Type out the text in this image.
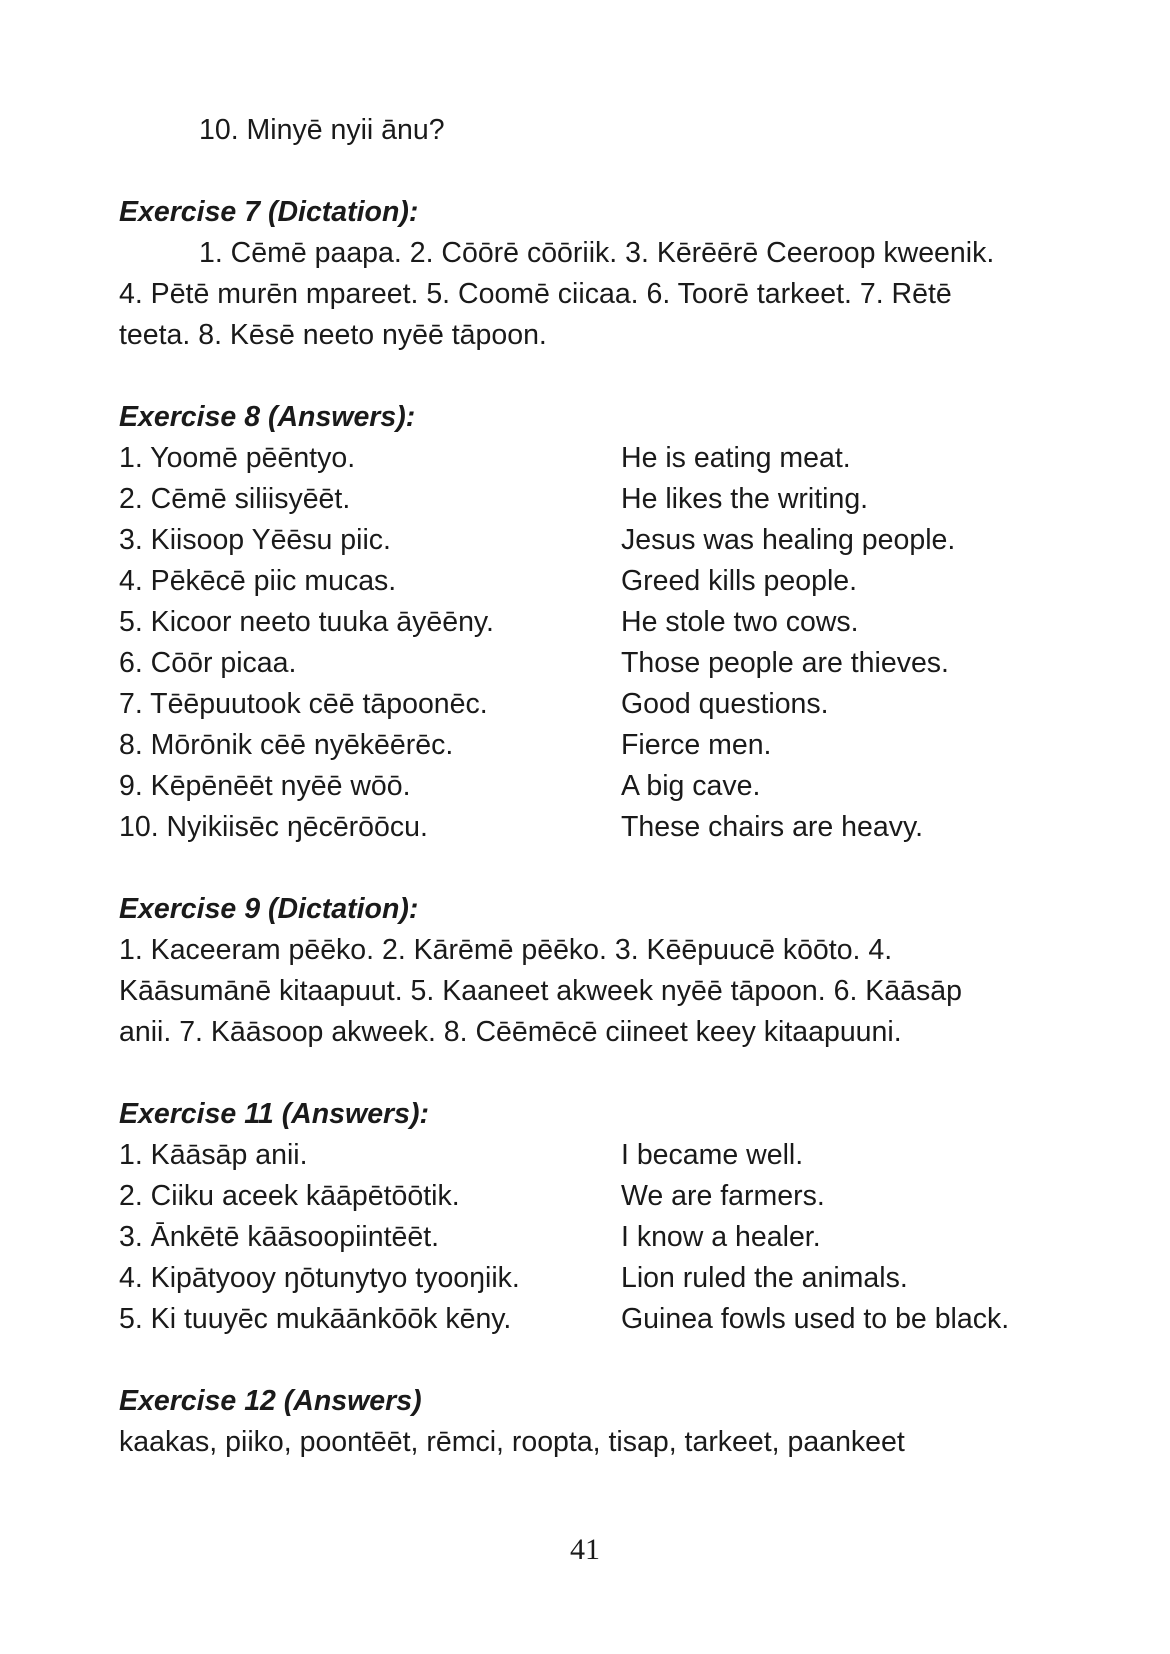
10. Minyē nyii ānu?
Exercise 7 (Dictation):
1. Cēmē paapa. 2. Cōōrē cōōriik. 3. Kērēērē Ceeroop kweenik.
4. Pētē murēn mpareet. 5. Coomē ciicaa. 6. Toorē tarkeet. 7. Rētē
teeta. 8. Kēsē neeto nyēē tāpoon.
Exercise 8 (Answers):
1. Yoomē pēēntyo.	He is eating meat.
2. Cēmē siliisyēēt.	He likes the writing.
3. Kiisoop Yēēsu piic.	Jesus was healing people.
4. Pēkēcē piic mucas.	Greed kills people.
5. Kicoor neeto tuuka āyēēny.	He stole two cows.
6. Cōōr picaa.	Those people are thieves.
7. Tēēpuutook cēē tāpoonēc.	Good questions.
8. Mōrōnik cēē nyēkēērēc.	Fierce men.
9. Kēpēnēēt nyēē wōō.	A big cave.
10. Nyikiisēc ŋēcērōōcu.	These chairs are heavy.
Exercise 9 (Dictation):
1. Kaceeram pēēko. 2. Kārēmē pēēko. 3. Kēēpuucē kōōto. 4.
Kāāsumānē kitaapuut. 5. Kaaneet akweek nyēē tāpoon. 6. Kāāsāp
anii. 7. Kāāsoop akweek. 8. Cēēmēcē ciineet keey kitaapuuni.
Exercise 11 (Answers):
1. Kāāsāp anii.	I became well.
2. Ciiku aceek kāāpētōōtik.	We are farmers.
3. Ānkētē kāāsoopiintēēt.	I know a healer.
4. Kipātyooy ŋōtunytyo tyooŋiik.	Lion ruled the animals.
5. Ki tuuyēc mukāānkōōk kēny.	Guinea fowls used to be black.
Exercise 12 (Answers)
kaakas, piiko, poontēēt, rēmci, roopta, tisap, tarkeet, paankeet
41
